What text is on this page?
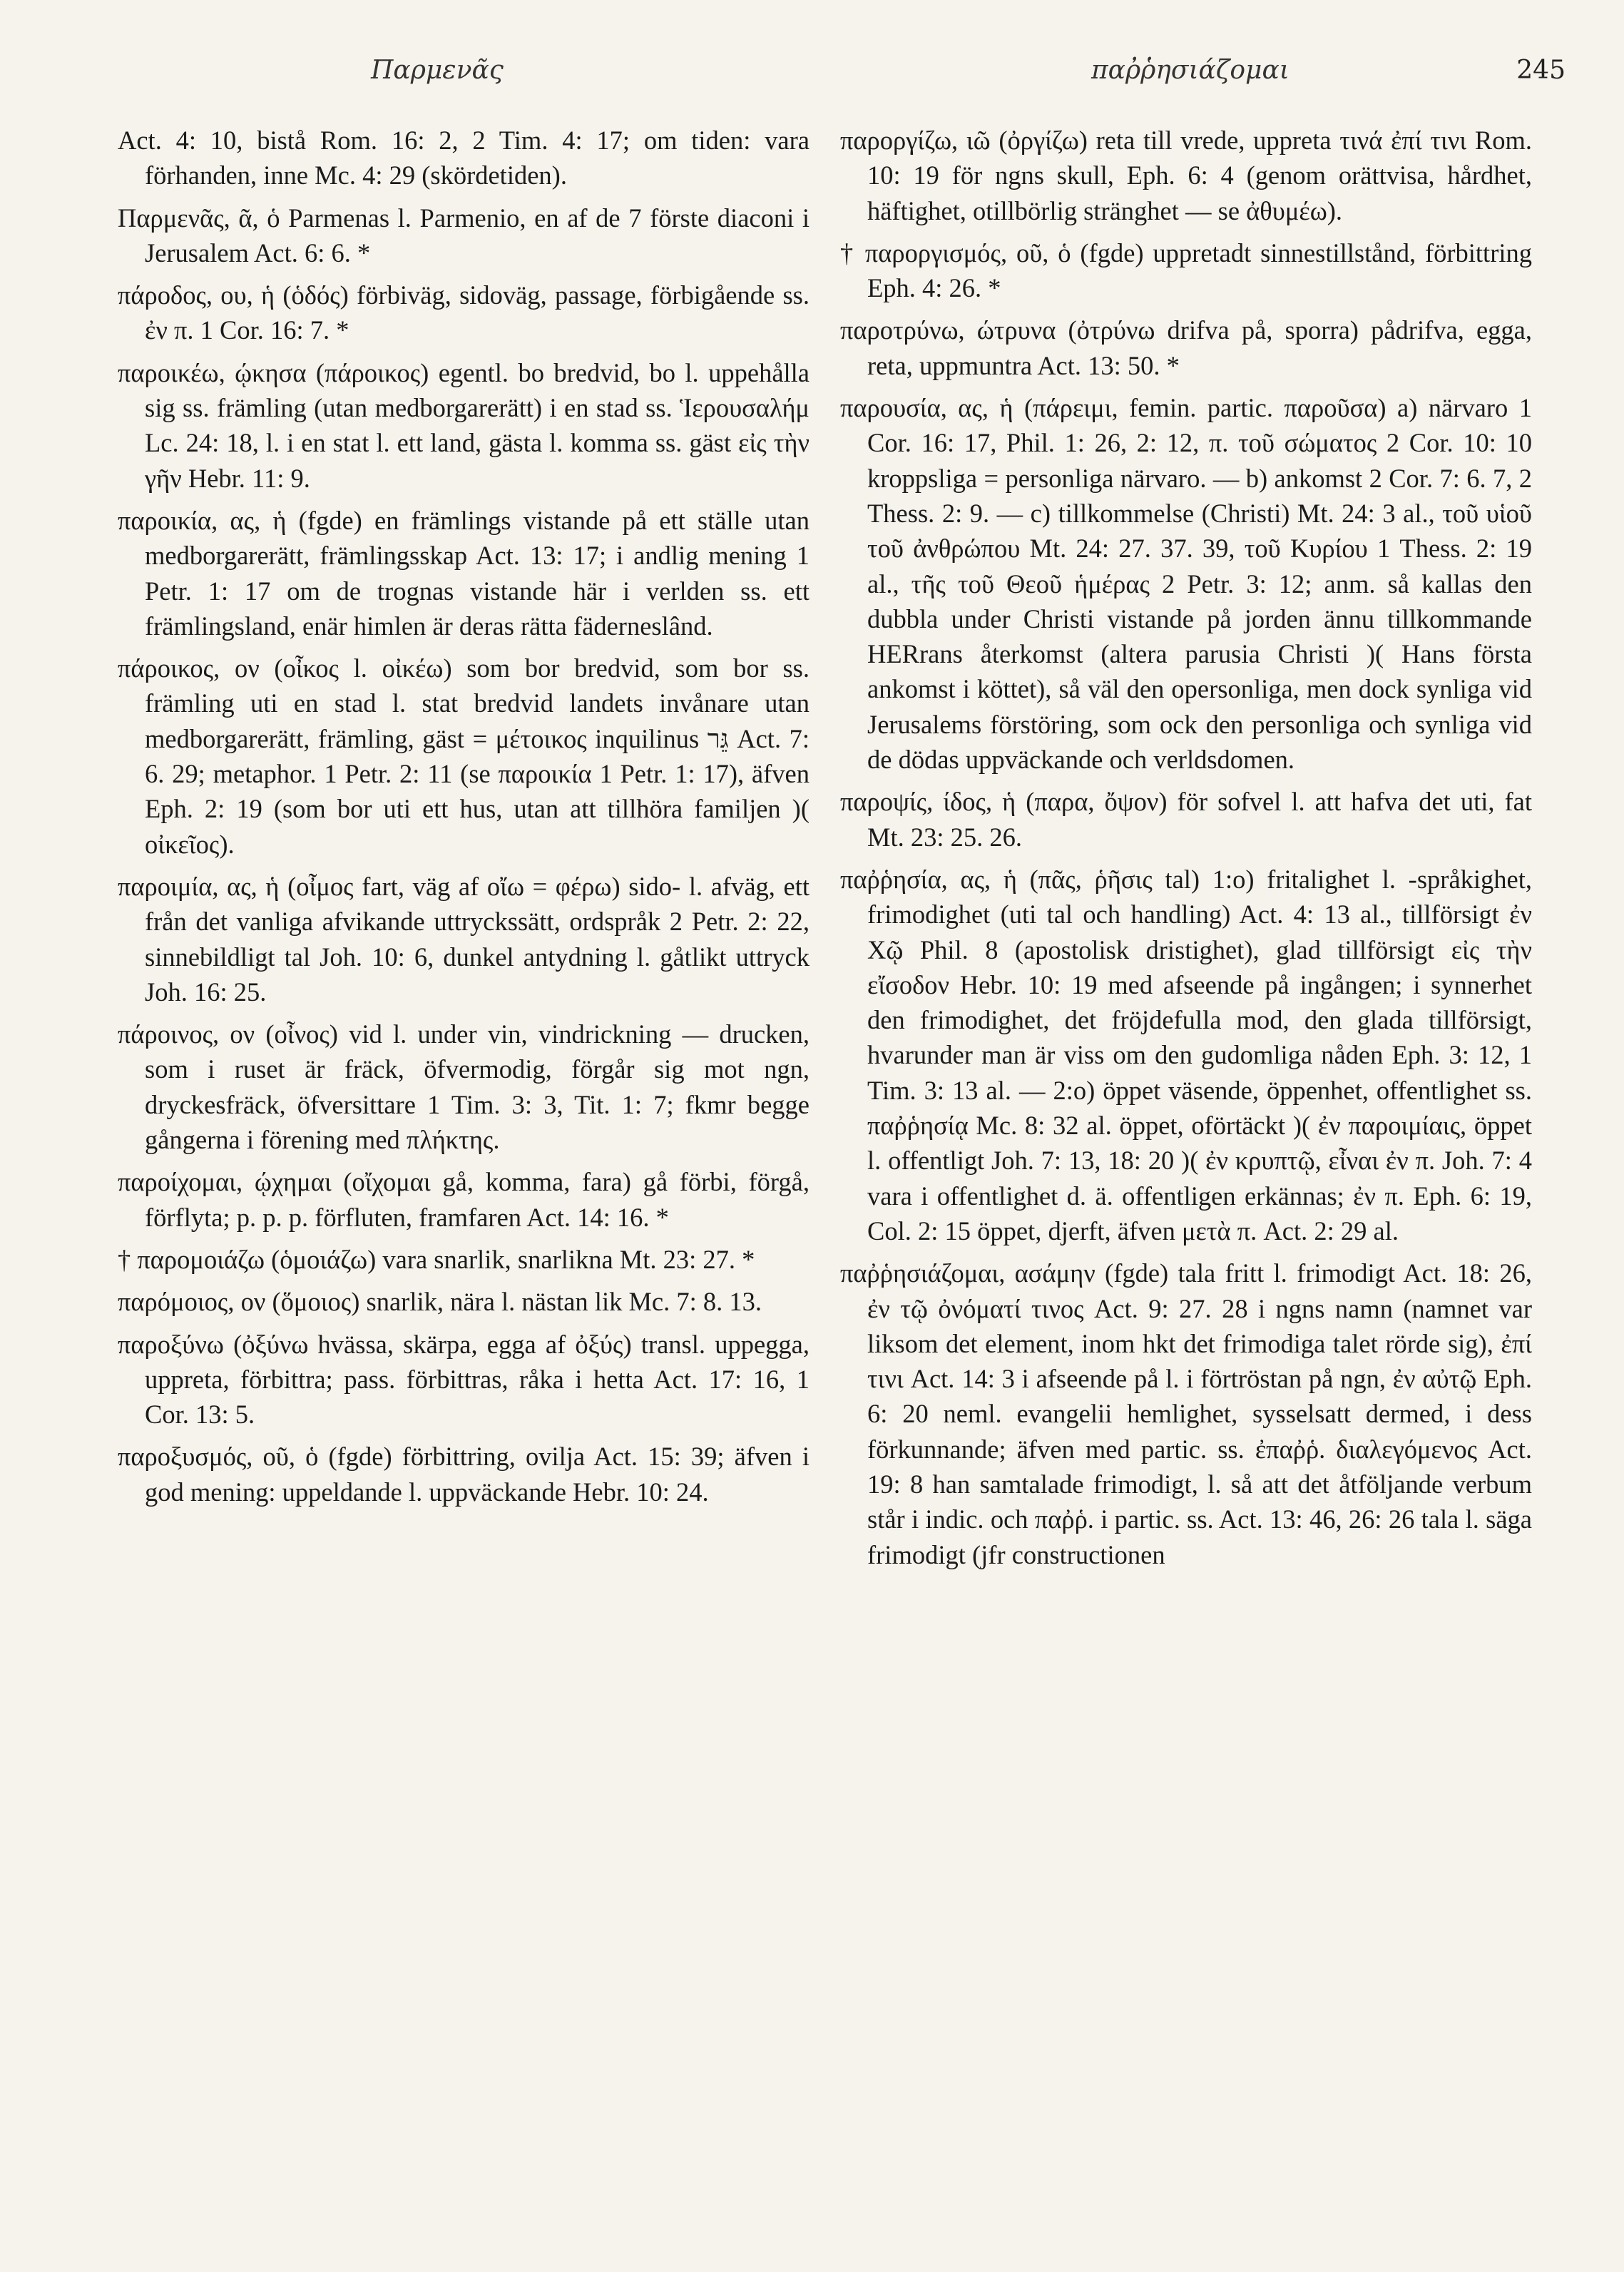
Παρμενᾶς	παῤῥησιάζομαι	245
Act. 4: 10, bistå Rom. 16: 2, 2 Tim. 4: 17; om tiden: vara förhanden, inne Mc. 4: 29 (skördetiden).
Παρμενᾶς, ᾶ, ὁ Parmenas l. Parmenio, en af de 7 förste diaconi i Jerusalem Act. 6: 6. *
πάροδος, ου, ἡ (ὁδός) förbiväg, sidoväg, passage, förbigående ss. ἐν π. 1 Cor. 16: 7. *
παροικέω, ῴκησα (πάροικος) egentl. bo bredvid, bo l. uppehålla sig ss. främling (utan medborgarerätt) i en stad ss. Ἱερουσαλήμ Lc. 24: 18, l. i en stat l. ett land, gästa l. komma ss. gäst εἰς τὴν γῆν Hebr. 11: 9.
παροικία, ας, ἡ (fgde) en främlings vistande på ett ställe utan medborgarerätt, främlingsskap Act. 13: 17; i andlig mening 1 Petr. 1: 17 om de trognas vistande här i verlden ss. ett främlingsland, enär himlen är deras rätta fäderneslând.
πάροικος, ον (οἶκος l. οἰκέω) som bor bredvid, som bor ss. främling uti en stad l. stat bredvid landets invånare utan medborgarerätt, främling, gäst = μέτοικος inquilinus גֵּר Act. 7: 6. 29; metaphor. 1 Petr. 2: 11 (se παροικία 1 Petr. 1: 17), äfven Eph. 2: 19 (som bor uti ett hus, utan att tillhöra familjen )( οἰκεῖος).
παροιμία, ας, ἡ (οἶμος fart, väg af οἴω = φέρω) sido- l. afväg, ett från det vanliga afvikande uttryckssätt, ordspråk 2 Petr. 2: 22, sinnebildligt tal Joh. 10: 6, dunkel antydning l. gåtlikt uttryck Joh. 16: 25.
πάροινος, ον (οἶνος) vid l. under vin, vindrickning — drucken, som i ruset är fräck, öfvermodig, förgår sig mot ngn, dryckesfräck, öfversittare 1 Tim. 3: 3, Tit. 1: 7; fkmr begge gångerna i förening med πλήκτης.
παροίχομαι, ῴχημαι (οἴχομαι gå, komma, fara) gå förbi, förgå, förflyta; p. p. p. förfluten, framfaren Act. 14: 16. *
† παρομοιάζω (ὁμοιάζω) vara snarlik, snarlikna Mt. 23: 27. *
παρόμοιος, ον (ὅμοιος) snarlik, nära l. nästan lik Mc. 7: 8. 13.
παροξύνω (ὀξύνω hvässa, skärpa, egga af ὀξύς) transl. uppegga, uppreta, förbittra; pass. förbittras, råka i hetta Act. 17: 16, 1 Cor. 13: 5.
παροξυσμός, οῦ, ὁ (fgde) förbittring, ovilja Act. 15: 39; äfven i god mening: uppeldande l. uppväckande Hebr. 10: 24.
παροργίζω, ιῶ (ὀργίζω) reta till vrede, uppreta τινά ἐπί τινι Rom. 10: 19 för ngns skull, Eph. 6: 4 (genom orättvisa, hårdhet, häftighet, otillbörlig stränghet — se ἀθυμέω).
† παροργισμός, οῦ, ὁ (fgde) uppretadt sinnestillstånd, förbittring Eph. 4: 26. *
παροτρύνω, ώτρυνα (ὀτρύνω drifva på, sporra) pådrifva, egga, reta, uppmuntra Act. 13: 50. *
παρουσία, ας, ἡ (πάρειμι, femin. partic. παροῦσα) a) närvaro 1 Cor. 16: 17, Phil. 1: 26, 2: 12, π. τοῦ σώματος 2 Cor. 10: 10 kroppsliga = personliga närvaro. — b) ankomst 2 Cor. 7: 6. 7, 2 Thess. 2: 9. — c) tillkommelse (Christi) Mt. 24: 3 al., τοῦ υἱοῦ τοῦ ἀνθρώπου Mt. 24: 27. 37. 39, τοῦ Κυρίου 1 Thess. 2: 19 al., τῆς τοῦ Θεοῦ ἡμέρας 2 Petr. 3: 12; anm. så kallas den dubbla under Christi vistande på jorden ännu tillkommande HERrans återkomst (altera parusia Christi )( Hans första ankomst i köttet), så väl den opersonliga, men dock synliga vid Jerusalems förstöring, som ock den personliga och synliga vid de dödas uppväckande och verldsdomen.
παροψίς, ίδος, ἡ (παρα, ὄψον) för sofvel l. att hafva det uti, fat Mt. 23: 25. 26.
παῤῥησία, ας, ἡ (πᾶς, ῥῆσις tal) 1:o) fritalighet l. -språkighet, frimodighet (uti tal och handling) Act. 4: 13 al., tillförsigt ἐν Χῷ Phil. 8 (apostolisk dristighet), glad tillförsigt εἰς τὴν εἴσοδον Hebr. 10: 19 med afseende på ingången; i synnerhet den frimodighet, det fröjdefulla mod, den glada tillförsigt, hvarunder man är viss om den gudomliga nåden Eph. 3: 12, 1 Tim. 3: 13 al. — 2:o) öppet väsende, öppenhet, offentlighet ss. παῤῥησίᾳ Mc. 8: 32 al. öppet, oförtäckt )( ἐν παροιμίαις, öppet l. offentligt Joh. 7: 13, 18: 20 )( ἐν κρυπτῷ, εἶναι ἐν π. Joh. 7: 4 vara i offentlighet d. ä. offentligen erkännas; ἐν π. Eph. 6: 19, Col. 2: 15 öppet, djerft, äfven μετὰ π. Act. 2: 29 al.
παῤῥησιάζομαι, ασάμην (fgde) tala fritt l. frimodigt Act. 18: 26, ἐν τῷ ὀνόματί τινος Act. 9: 27. 28 i ngns namn (namnet var liksom det element, inom hkt det frimodiga talet rörde sig), ἐπί τινι Act. 14: 3 i afseende på l. i förtröstan på ngn, ἐν αὐτῷ Eph. 6: 20 neml. evangelii hemlighet, sysselsatt dermed, i dess förkunnande; äfven med partic. ss. ἐπαῤῥ. διαλεγόμενος Act. 19: 8 han samtalade frimodigt, l. så att det åtföljande verbum står i indic. och παῤῥ. i partic. ss. Act. 13: 46, 26: 26 tala l. säga frimodigt (jfr constructionen
